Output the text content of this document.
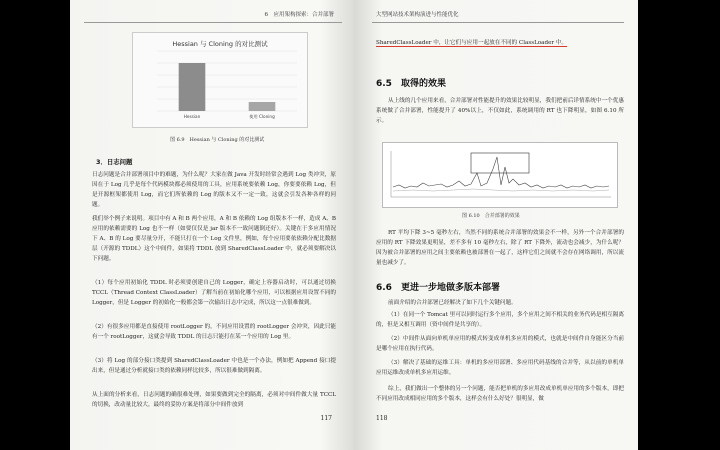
6　应用架构探索：合并部署
Hessian 与 Cloning 的对比测试
Hessian	使用 Cloning
图 6.9　Hessian 与 Cloning 的对比测试
3．日志问题

日志问题是合并部署项目中的难题，为什么呢？大家在做 Java 开发时经常会遇到 Log 类冲突，原因在于 Log 几乎是每个代码模块都必须使用的工具，应用系统要依赖 Log，你要要依赖 Log，但是开源框架都使用 Log，而它们所依赖的 Log 的版本又不一定一致，这就会引发各种各样的问题。

我们举个例子来说明。项目中有 A 和 B 两个应用，A 和 B 依赖的 Log 组版本不一样，造成 A、B 应用的依赖需要的 Log 也不一样（如要仅仅是 jar 版本不一致问题倒还好）。关键在于多应用情况下 A、B 的 Log 要尽量分开，不能只打在一个 Log 文件里，例如，每个应用要依依赖分配比数据层（开源的 TDDL）这个中间件，如果将 TDDL 放到 SharedClassLoader 中，就必须要解决以下问题。

（1）每个应用初始化 TDDL 时必须要创建自己的 Logger，确定上容器启动时，可以通过切换 TCCL（Thread Context ClassLoader）了解当前在初始化哪个应用，可以根据应用设置不同的 Logger，但是 Logger 的初始化一般都会第一次输出日志中完成，所以这一点很难做到。

（2）有很多应用都是直接使用 rootLogger 的，不同应用设置的 rootLogger 会冲突，因此只能有一个 rootLogger，这就会导致 TDDL 的日志只能打在某一个应用的 Log 里。

（3）将 Log 的部分接口类提到 SharedClassLoader 中也是一个办法，例如把 Append 接口提出来，但是通过分析就接口类的依赖同样比较多，所以很难做到隔离。

从上面的分析来看，日志问题的确很难处理，如果要做到完全的隔离，必须对中间件做大量 TCCL 的切换，改动量比较大，最终的妥协方案是将部分中间件放到

117
大型网站技术架构演进与性能优化

SharedClassLoader 中，让它们与应用一起放在不同的 ClassLoader 中。

6.5　取得的效果

从上线的几个应用来看，合并部署对性能提升的效果比较明显，我们把前后详情系统中一个优惠系统做了合并部署，性能提升了 40%以上，不仅如此，系统调用的 RT 也下降明显，如图 6.10 所示。

图 6.10　合并部署的效果

RT 平均下降 3~5 毫秒左右，当然不同的系统合并部署的效果会不一样，另外一个合并部署的应用的 RT 下降效果更明显，差不多有 10 毫秒左右，除了 RT 下降外，流动也会减少，为什么呢？因为被合并部署的应用之间主要依赖也被部署在一起了，这样它们之间就不会存在网络调用，所以流量也减少了。

6.6　更进一步地做多版本部署

前面介绍的合并部署已经解决了如下几个关键问题。

（1）在同一个 Tomcat 里可以同时运行多个应用，多个应用之间不相关的业务代码是相互隔离的，但是又相互调用（资中间件是共享的）。

（2）中间件从面向单机单应用的模式转变成单机多应用的模式，也就是中间件自身能区分当前是哪个应用在执行代码。

（3）解决了基础的运维工具：单机的多应用部署、多应用代码基线的合并等，从以前的单机单应用运维改成单机多应用运维。

综上，我们做出一个整体的另一个问题，能否把单机的多应用改成单机单应用的多个版本，即把不同应用改成相同应用的多个版本，这样会有什么好处？很明显，做

118
